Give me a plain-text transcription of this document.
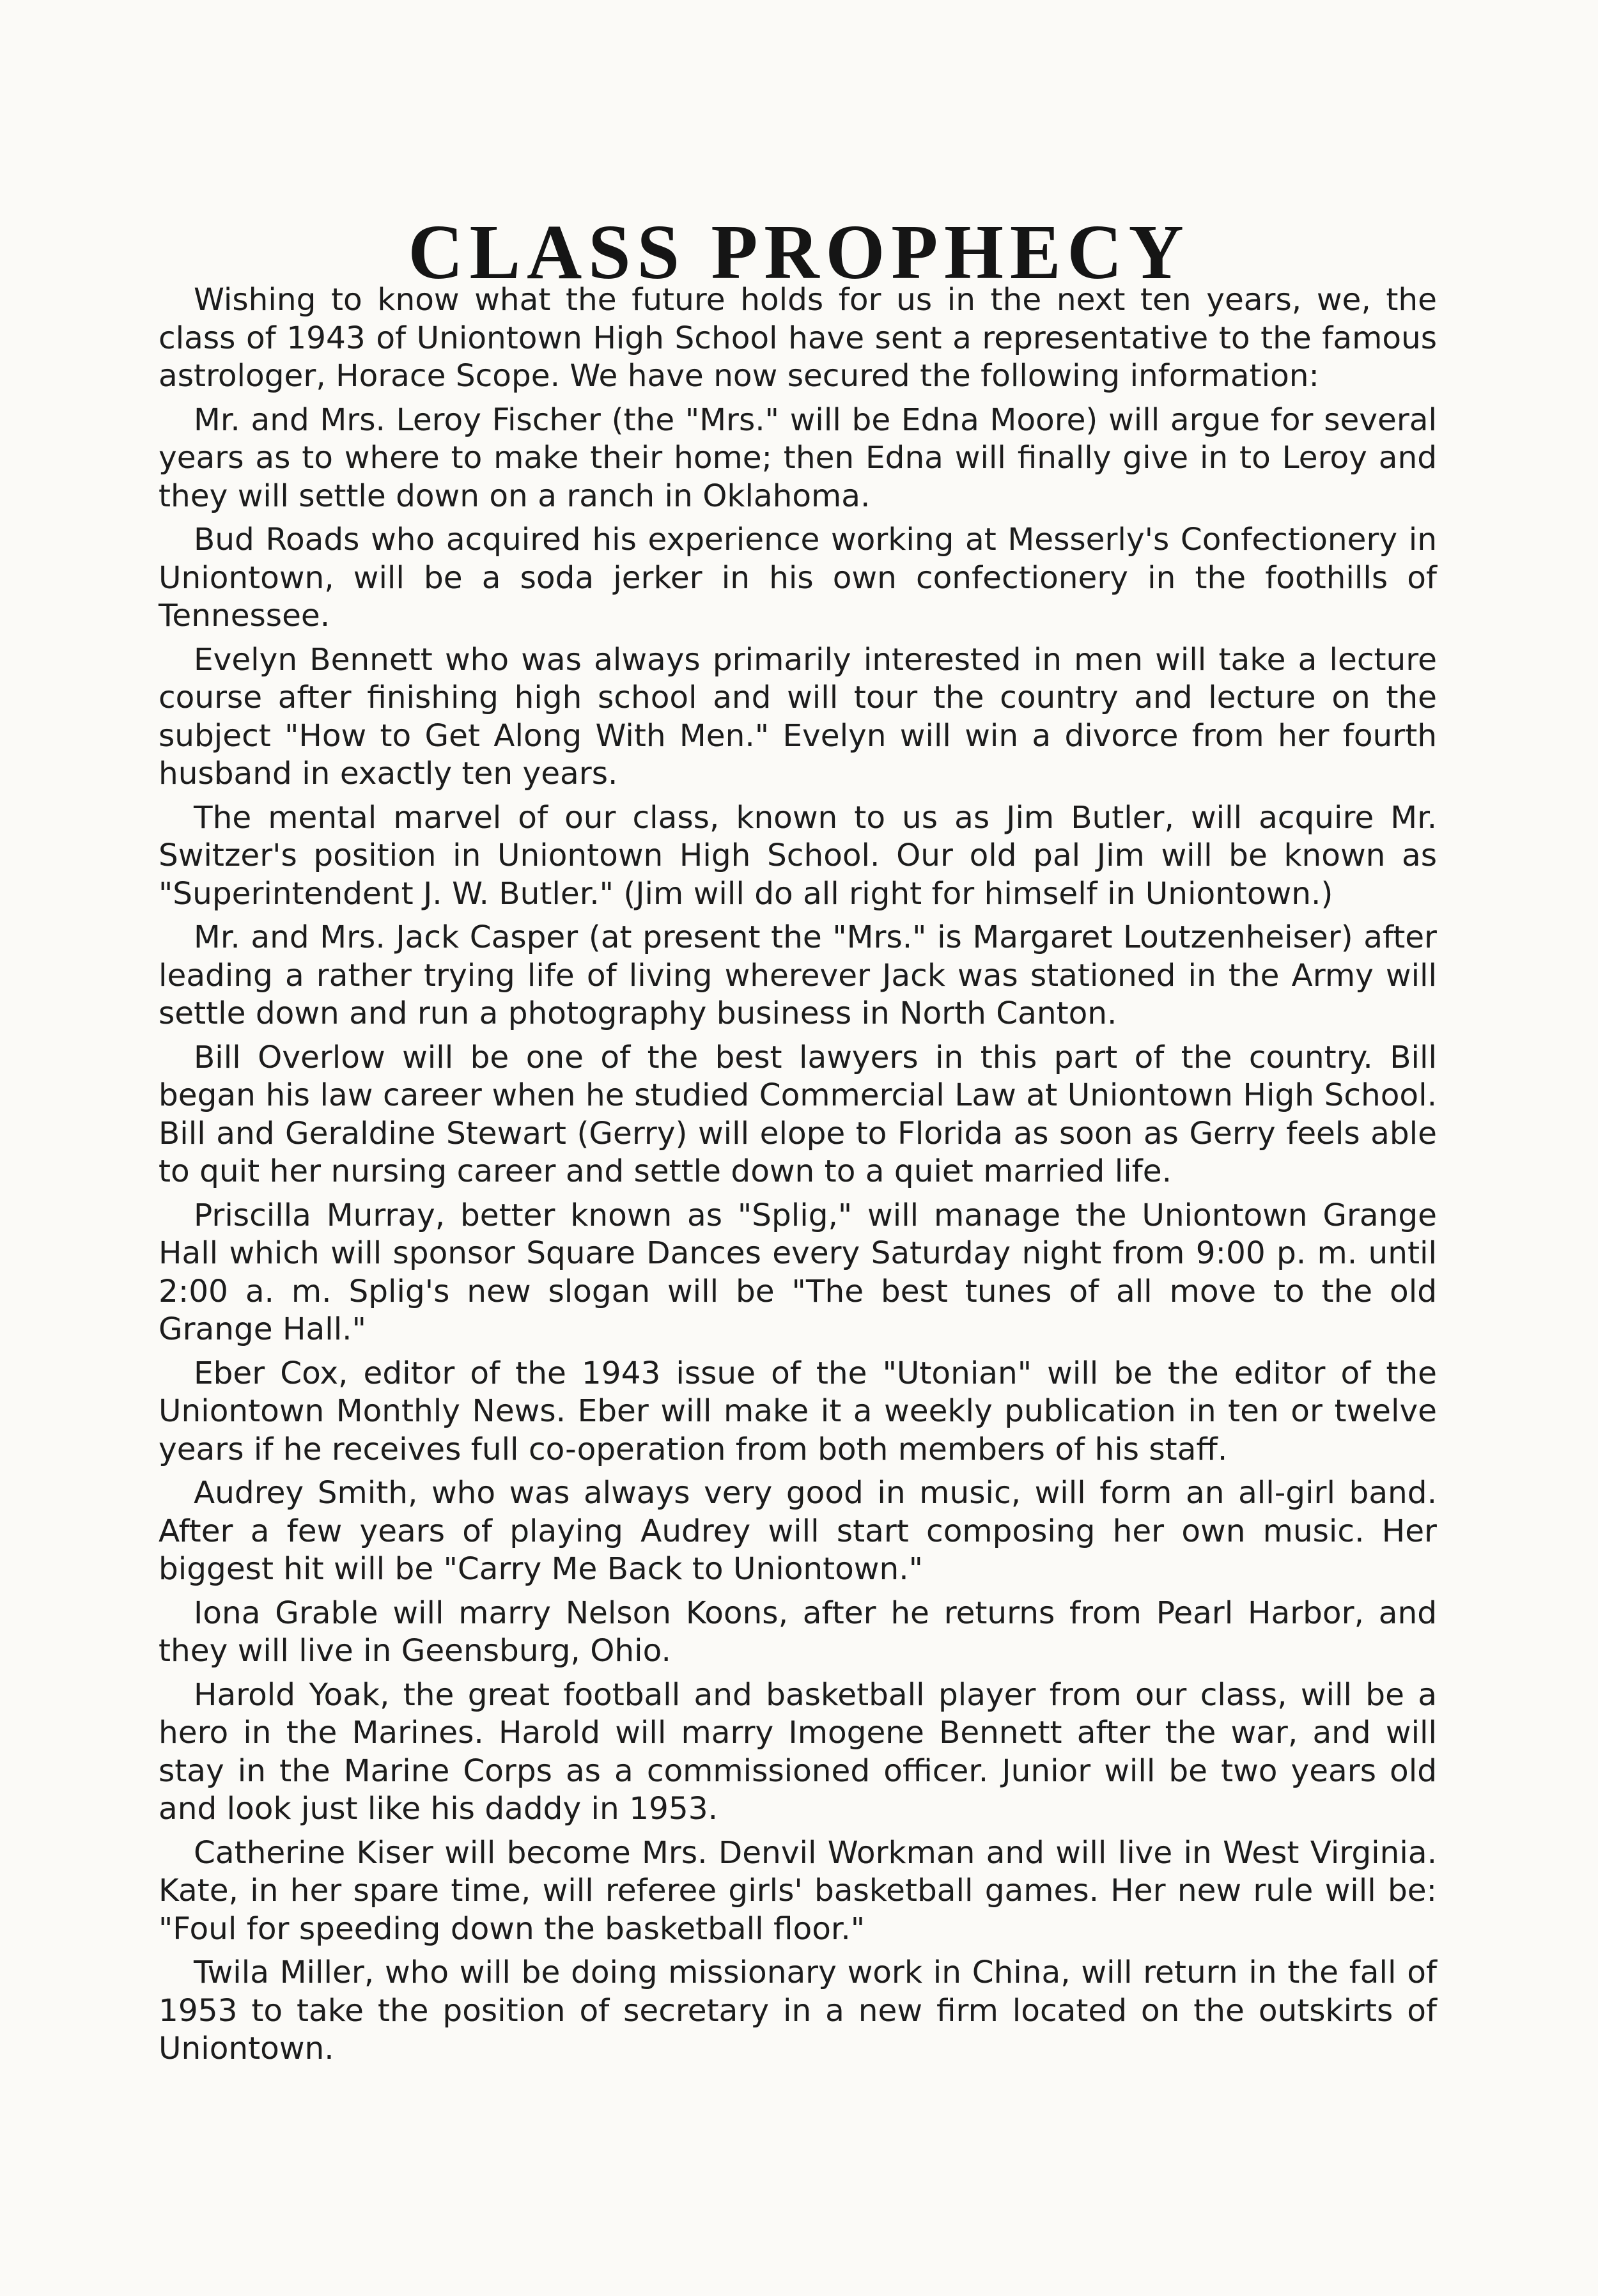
CLASS PROPHECY

Wishing to know what the future holds for us in the next ten years, we, the class of 1943 of Uniontown High School have sent a representative to the famous astrologer, Horace Scope. We have now secured the following information:

Mr. and Mrs. Leroy Fischer (the "Mrs." will be Edna Moore) will argue for several years as to where to make their home; then Edna will finally give in to Leroy and they will settle down on a ranch in Oklahoma.

Bud Roads who acquired his experience working at Messerly's Confectionery in Uniontown, will be a soda jerker in his own confectionery in the foothills of Tennessee.

Evelyn Bennett who was always primarily interested in men will take a lecture course after finishing high school and will tour the country and lecture on the subject "How to Get Along With Men." Evelyn will win a divorce from her fourth husband in exactly ten years.

The mental marvel of our class, known to us as Jim Butler, will acquire Mr. Switzer's position in Uniontown High School. Our old pal Jim will be known as "Superintendent J. W. Butler." (Jim will do all right for himself in Uniontown.)

Mr. and Mrs. Jack Casper (at present the "Mrs." is Margaret Loutzenheiser) after leading a rather trying life of living wherever Jack was stationed in the Army will settle down and run a photography business in North Canton.

Bill Overlow will be one of the best lawyers in this part of the country. Bill began his law career when he studied Commercial Law at Uniontown High School. Bill and Geraldine Stewart (Gerry) will elope to Florida as soon as Gerry feels able to quit her nursing career and settle down to a quiet married life.

Priscilla Murray, better known as "Splig," will manage the Uniontown Grange Hall which will sponsor Square Dances every Saturday night from 9:00 p. m. until 2:00 a. m. Splig's new slogan will be "The best tunes of all move to the old Grange Hall."

Eber Cox, editor of the 1943 issue of the "Utonian" will be the editor of the Uniontown Monthly News. Eber will make it a weekly publication in ten or twelve years if he receives full co-operation from both members of his staff.

Audrey Smith, who was always very good in music, will form an all-girl band. After a few years of playing Audrey will start composing her own music. Her biggest hit will be "Carry Me Back to Uniontown."

Iona Grable will marry Nelson Koons, after he returns from Pearl Harbor, and they will live in Geensburg, Ohio.

Harold Yoak, the great football and basketball player from our class, will be a hero in the Marines. Harold will marry Imogene Bennett after the war, and will stay in the Marine Corps as a commissioned officer. Junior will be two years old and look just like his daddy in 1953.

Catherine Kiser will become Mrs. Denvil Workman and will live in West Virginia. Kate, in her spare time, will referee girls' basketball games. Her new rule will be: "Foul for speeding down the basketball floor."

Twila Miller, who will be doing missionary work in China, will return in the fall of 1953 to take the position of secretary in a new firm located on the outskirts of Uniontown.
